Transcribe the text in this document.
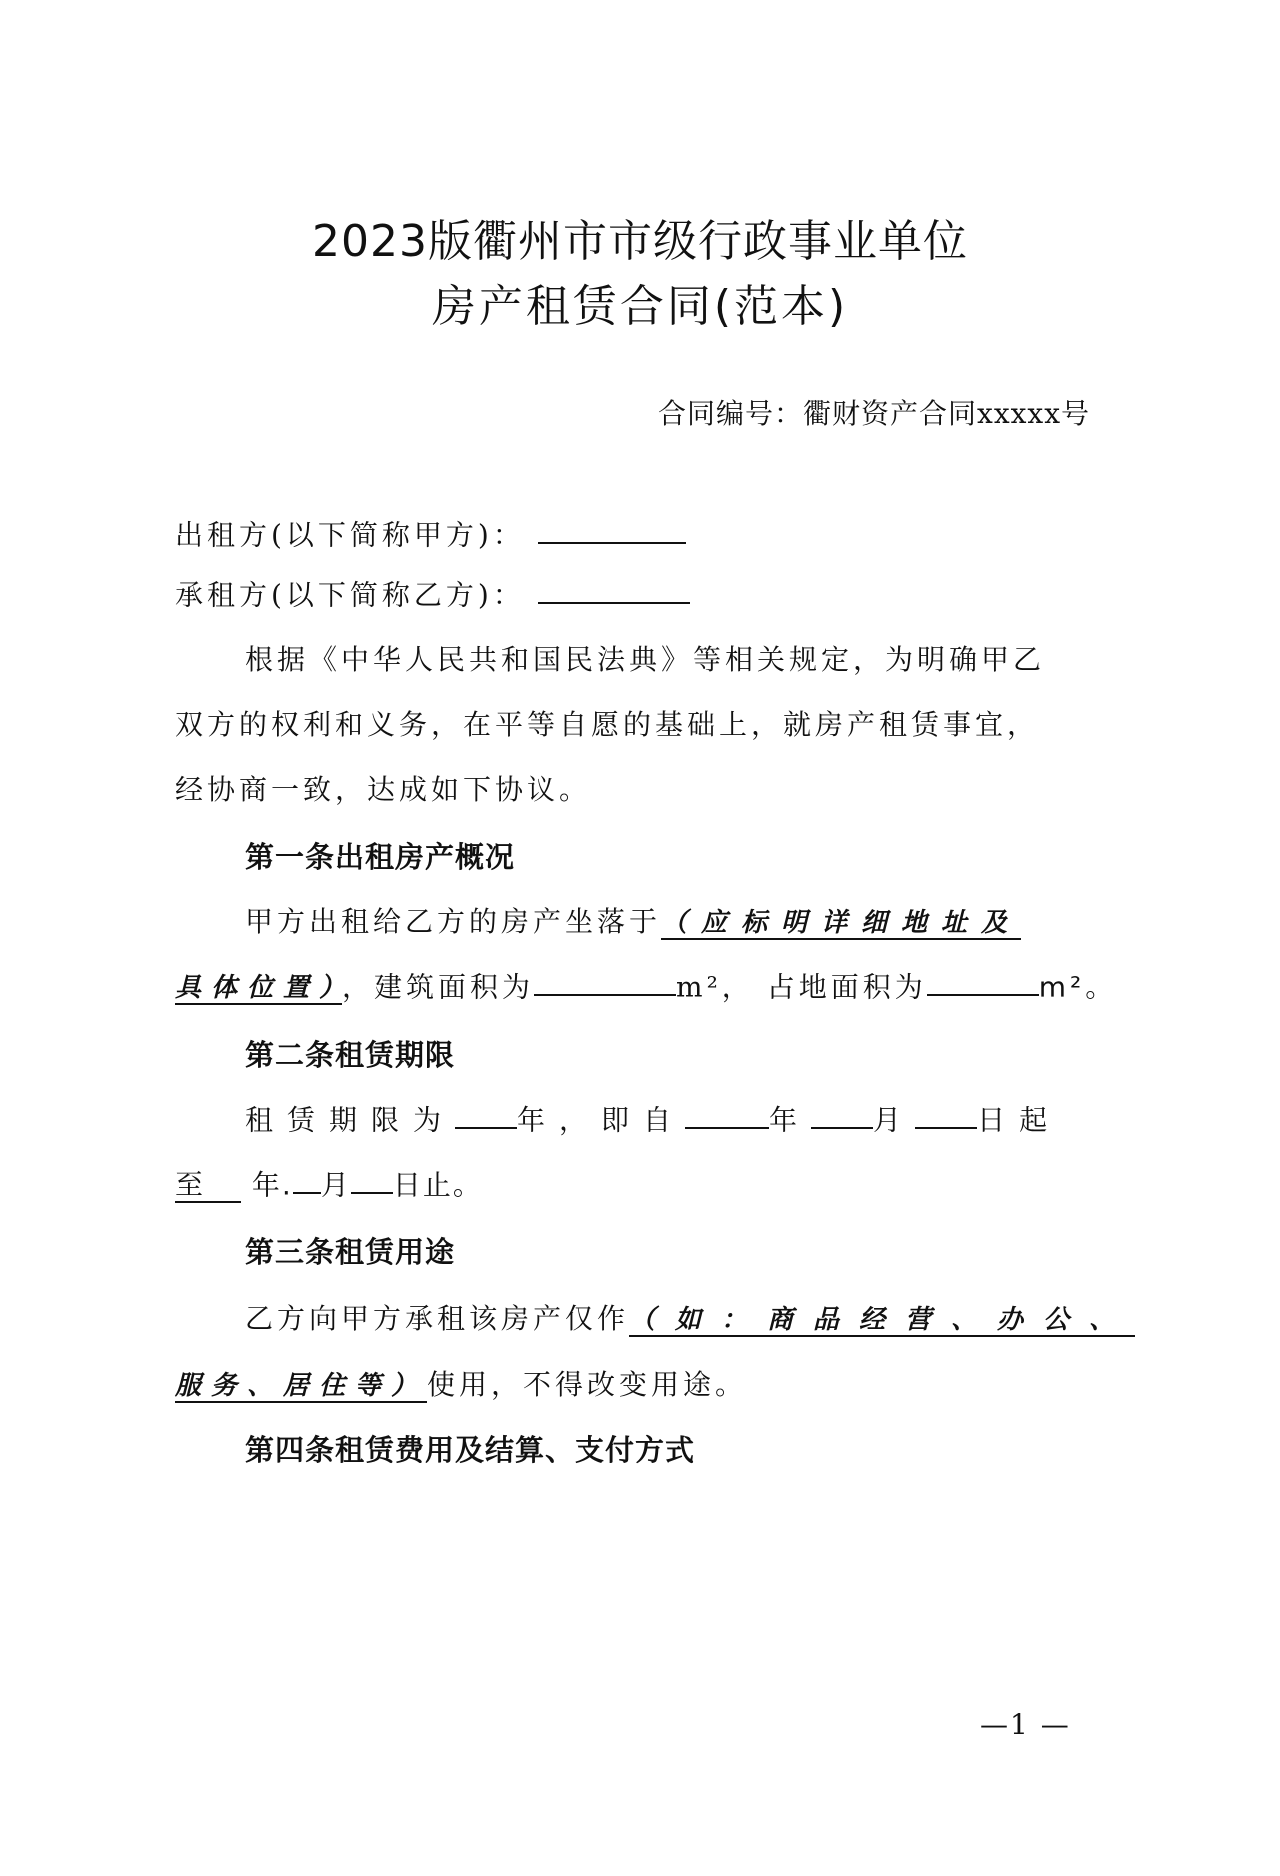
2023版衢州市市级行政事业单位
房产租赁合同(范本)
合同编号：衢财资产合同xxxxx号
出租方(以下简称甲方)：
承租方(以下简称乙方)：
根据《中华人民共和国民法典》等相关规定，为明确甲乙
双方的权利和义务，在平等自愿的基础上，就房产租赁事宜，
经协商一致，达成如下协议。
第一条出租房产概况
甲方出租给乙方的房产坐落于（应标明详细地址及
具体位置），建筑面积为	m²， 占地面积为	m²。
第二条租赁期限
租赁期限为 年，即自	年 月 日起
至 年. 月 日止。
第三条租赁用途
乙方向甲方承租该房产仅作（如：商品经营、办公、
服务、居住等）使用，不得改变用途。
第四条租赁费用及结算、支付方式
—1 —
